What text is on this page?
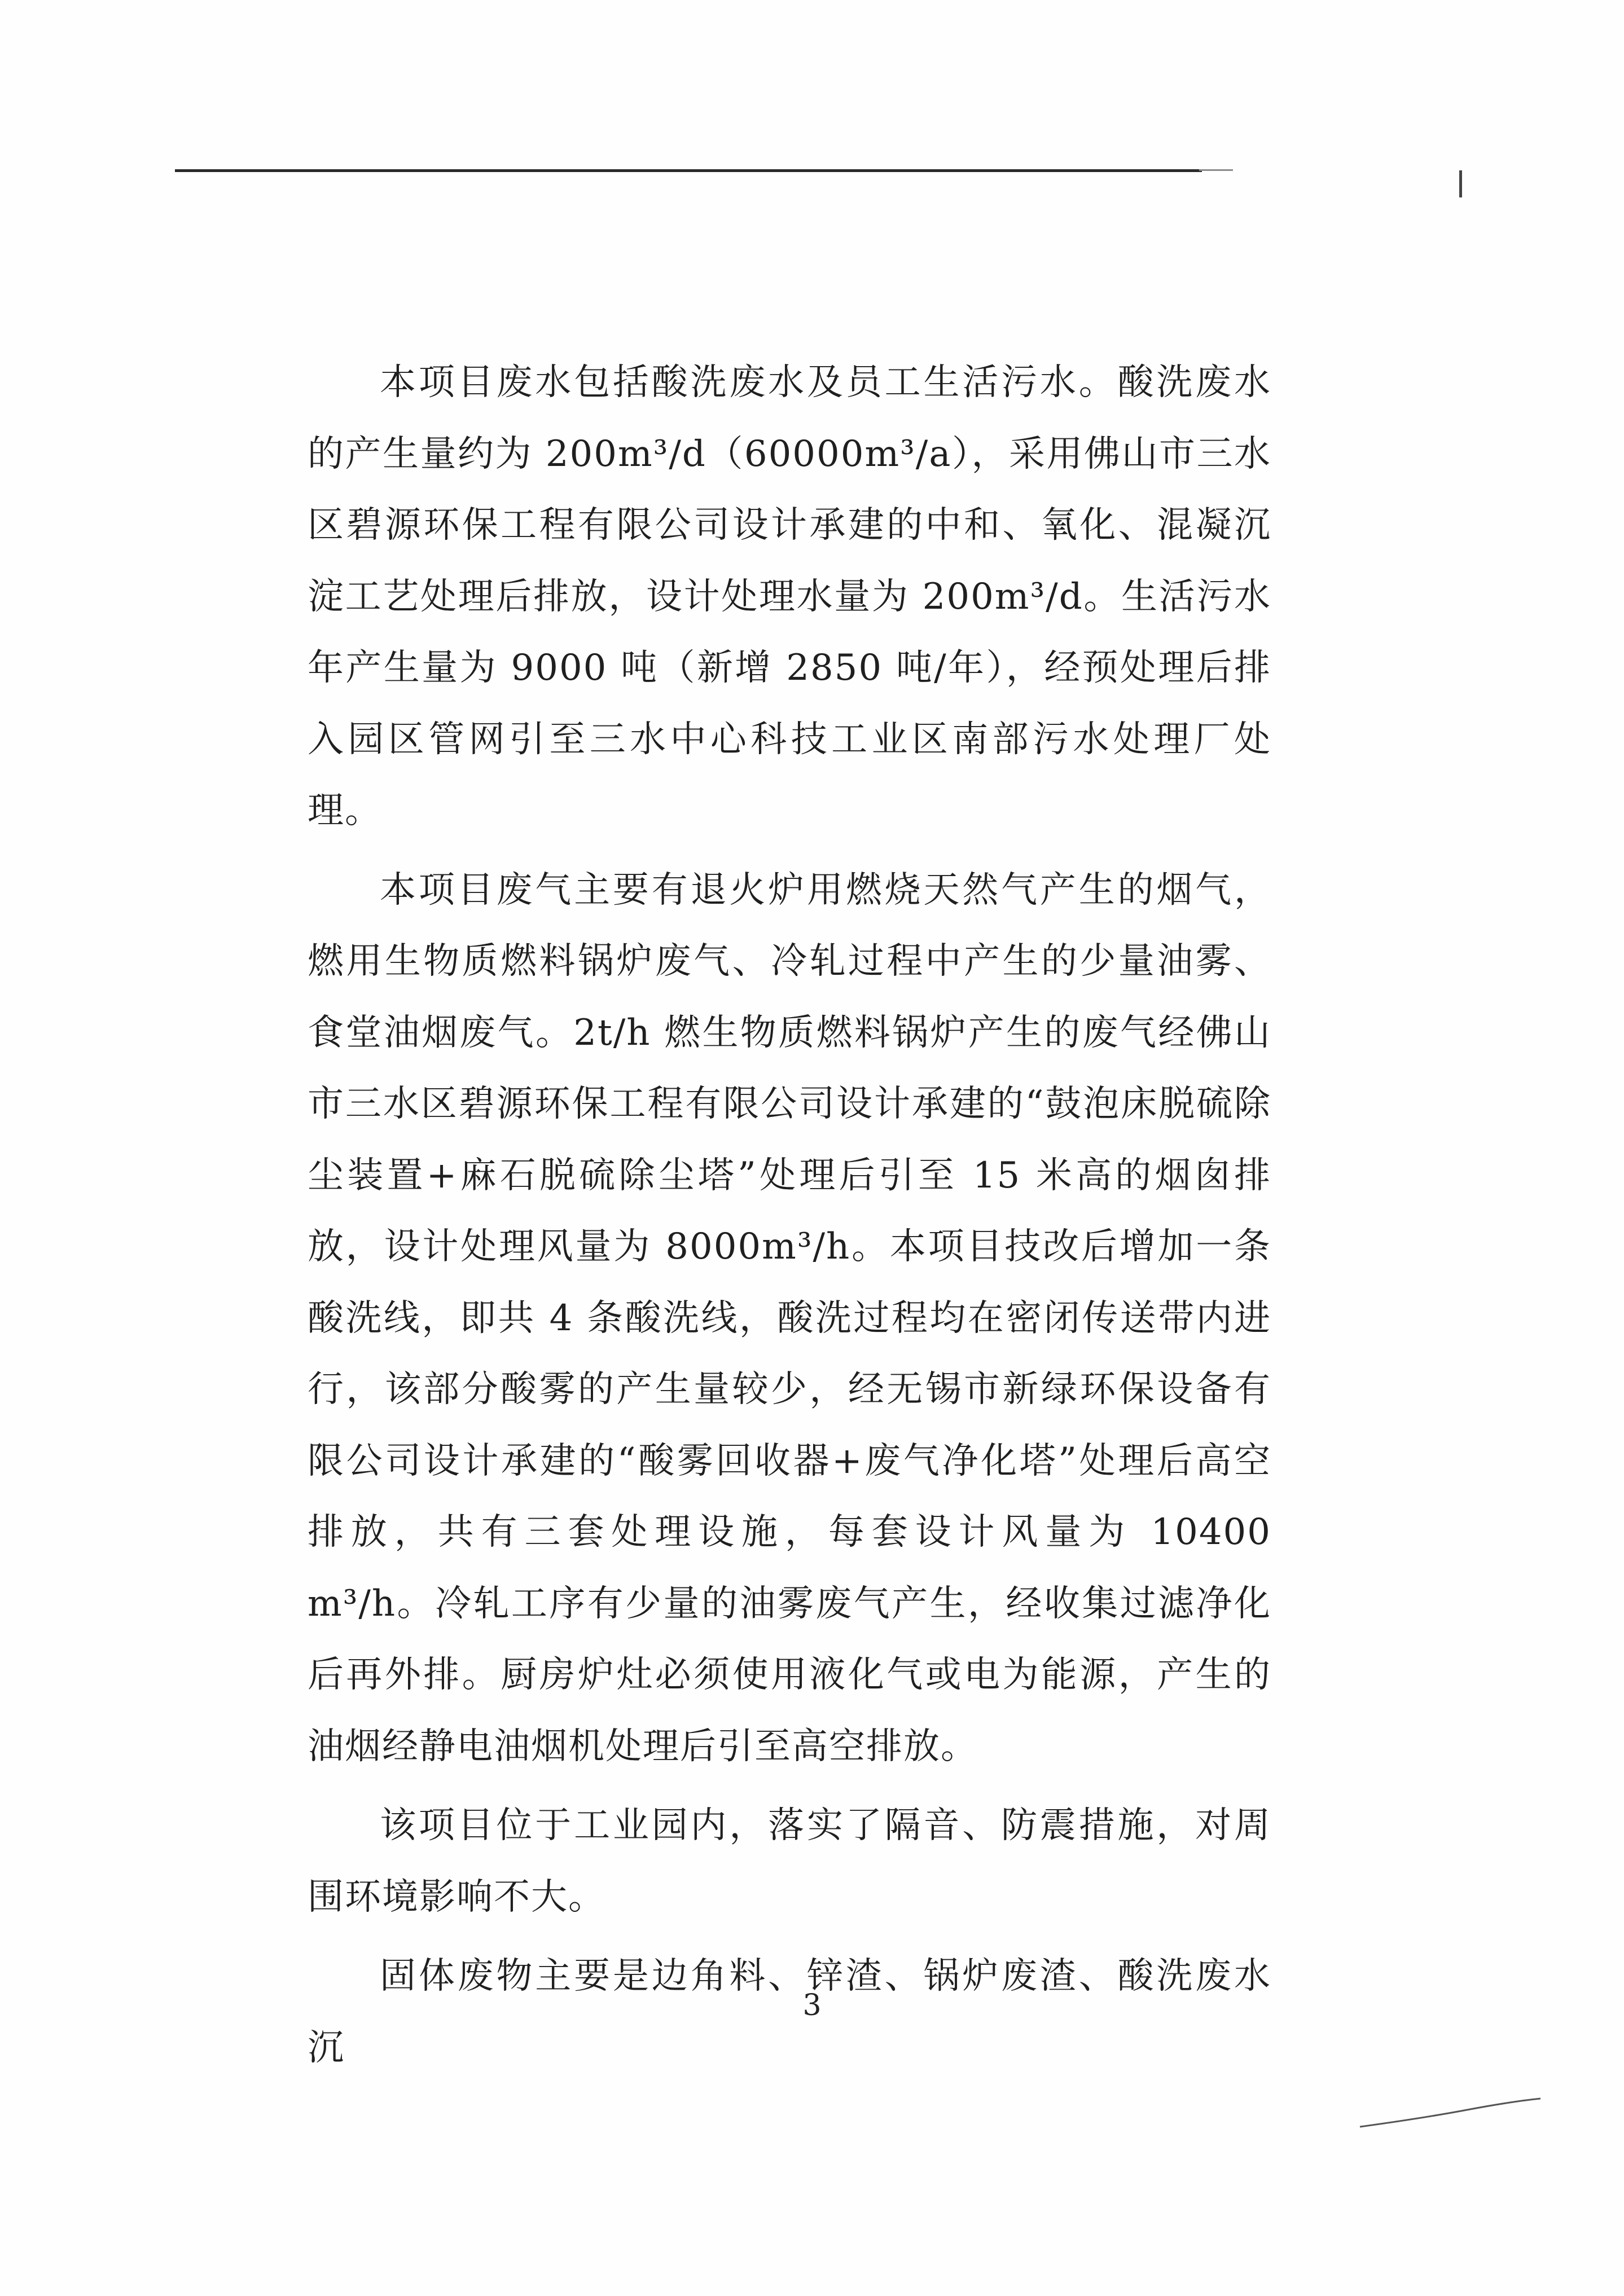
本项目废水包括酸洗废水及员工生活污水。酸洗废水的产生量约为 200m³/d（60000m³/a），采用佛山市三水区碧源环保工程有限公司设计承建的中和、氧化、混凝沉淀工艺处理后排放，设计处理水量为 200m³/d。生活污水年产生量为 9000 吨（新增 2850 吨/年），经预处理后排入园区管网引至三水中心科技工业区南部污水处理厂处理。

本项目废气主要有退火炉用燃烧天然气产生的烟气，燃用生物质燃料锅炉废气、冷轧过程中产生的少量油雾、食堂油烟废气。2t/h 燃生物质燃料锅炉产生的废气经佛山市三水区碧源环保工程有限公司设计承建的“鼓泡床脱硫除尘装置+麻石脱硫除尘塔”处理后引至 15 米高的烟囱排放，设计处理风量为 8000m³/h。本项目技改后增加一条酸洗线，即共 4 条酸洗线，酸洗过程均在密闭传送带内进行，该部分酸雾的产生量较少，经无锡市新绿环保设备有限公司设计承建的“酸雾回收器+废气净化塔”处理后高空排放，共有三套处理设施，每套设计风量为 10400 m³/h。冷轧工序有少量的油雾废气产生，经收集过滤净化后再外排。厨房炉灶必须使用液化气或电为能源，产生的油烟经静电油烟机处理后引至高空排放。

该项目位于工业园内，落实了隔音、防震措施，对周围环境影响不大。

固体废物主要是边角料、锌渣、锅炉废渣、酸洗废水沉

3
